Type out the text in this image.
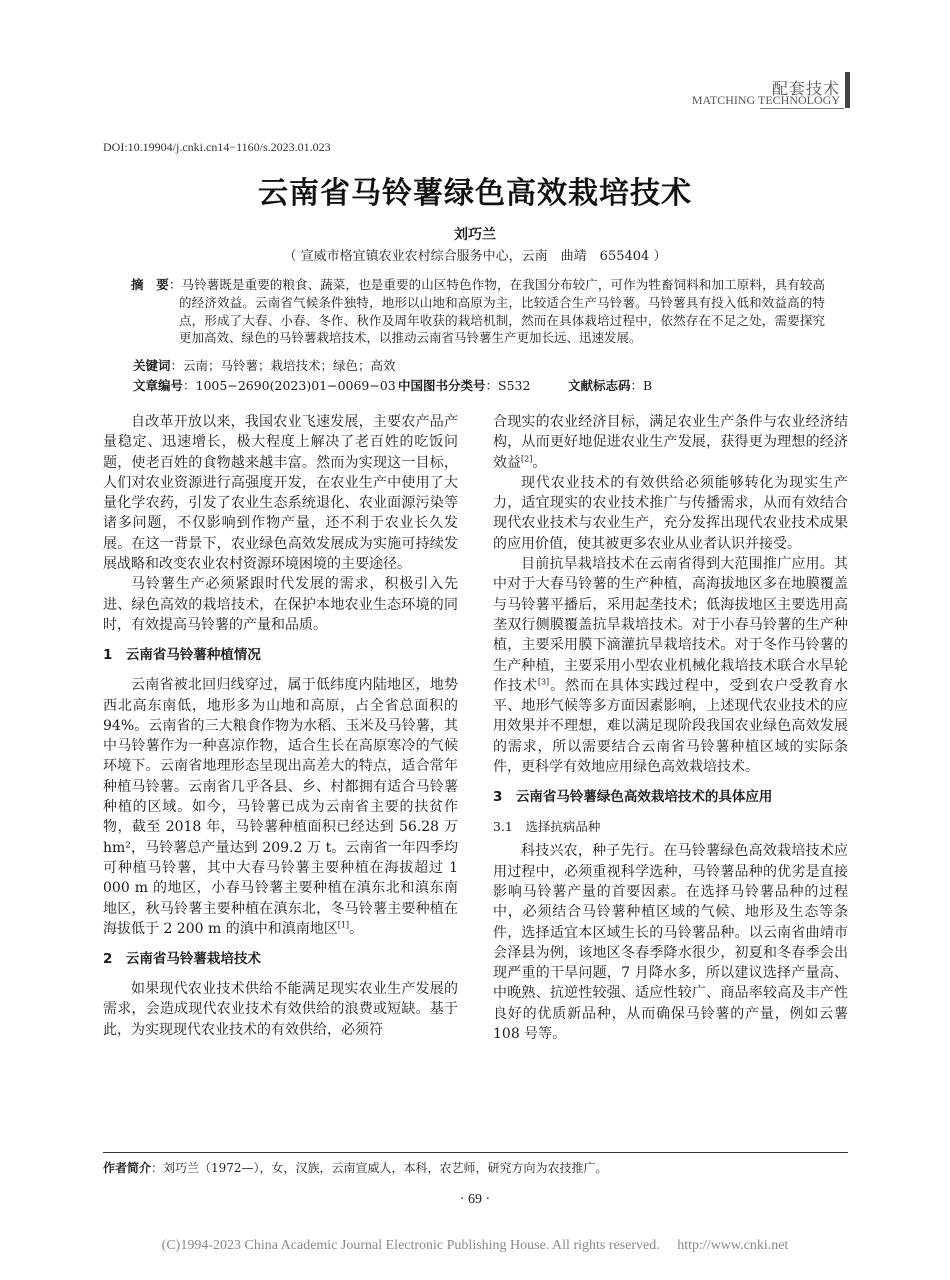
配套技术
MATCHING TECHNOLOGY
DOI:10.19904/j.cnki.cn14−1160/s.2023.01.023
云南省马铃薯绿色高效栽培技术
刘巧兰
（ 宣威市格宜镇农业农村综合服务中心，云南　曲靖　655404 ）
摘　要：马铃薯既是重要的粮食、蔬菜，也是重要的山区特色作物，在我国分布较广，可作为牲畜饲料和加工原料，具有较高的经济效益。云南省气候条件独特，地形以山地和高原为主，比较适合生产马铃薯。马铃薯具有投入低和效益高的特点，形成了大春、小春、冬作、秋作及周年收获的栽培机制，然而在具体栽培过程中，依然存在不足之处，需要探究更加高效、绿色的马铃薯栽培技术，以推动云南省马铃薯生产更加长远、迅速发展。
关键词：云南；马铃薯；栽培技术；绿色；高效
文章编号：1005−2690(2023)01−0069−03 中国图书分类号：S532	文献标志码：B

自改革开放以来，我国农业飞速发展，主要农产品产量稳定、迅速增长，极大程度上解决了老百姓的吃饭问题，使老百姓的食物越来越丰富。然而为实现这一目标，人们对农业资源进行高强度开发，在农业生产中使用了大量化学农药，引发了农业生态系统退化、农业面源污染等诸多问题，不仅影响到作物产量，还不利于农业长久发展。在这一背景下，农业绿色高效发展成为实施可持续发展战略和改变农业农村资源环境困境的主要途径。

马铃薯生产必须紧跟时代发展的需求，积极引入先进、绿色高效的栽培技术，在保护本地农业生态环境的同时，有效提高马铃薯的产量和品质。

1　云南省马铃薯种植情况

云南省被北回归线穿过，属于低纬度内陆地区，地势西北高东南低，地形多为山地和高原，占全省总面积的 94%。云南省的三大粮食作物为水稻、玉米及马铃薯，其中马铃薯作为一种喜凉作物，适合生长在高原寒冷的气候环境下。云南省地理形态呈现出高差大的特点，适合常年种植马铃薯。云南省几乎各县、乡、村都拥有适合马铃薯种植的区域。如今，马铃薯已成为云南省主要的扶贫作物，截至 2018 年，马铃薯种植面积已经达到 56.28 万 hm²，马铃薯总产量达到 209.2 万 t。云南省一年四季均可种植马铃薯，其中大春马铃薯主要种植在海拔超过 1 000 m 的地区，小春马铃薯主要种植在滇东北和滇东南地区，秋马铃薯主要种植在滇东北，冬马铃薯主要种植在海拔低于 2 200 m 的滇中和滇南地区[1]。

2　云南省马铃薯栽培技术

如果现代农业技术供给不能满足现实农业生产发展的需求，会造成现代农业技术有效供给的浪费或短缺。基于此，为实现现代农业技术的有效供给，必须符

合现实的农业经济目标，满足农业生产条件与农业经济结构，从而更好地促进农业生产发展，获得更为理想的经济效益[2]。

现代农业技术的有效供给必须能够转化为现实生产力，适宜现实的农业技术推广与传播需求，从而有效结合现代农业技术与农业生产，充分发挥出现代农业技术成果的应用价值，使其被更多农业从业者认识并接受。

目前抗旱栽培技术在云南省得到大范围推广应用。其中对于大春马铃薯的生产种植，高海拔地区多在地膜覆盖与马铃薯平播后，采用起垄技术；低海拔地区主要选用高垄双行侧膜覆盖抗旱栽培技术。对于小春马铃薯的生产种植，主要采用膜下滴灌抗旱栽培技术。对于冬作马铃薯的生产种植，主要采用小型农业机械化栽培技术联合水旱轮作技术[3]。然而在具体实践过程中，受到农户受教育水平、地形气候等多方面因素影响，上述现代农业技术的应用效果并不理想，难以满足现阶段我国农业绿色高效发展的需求，所以需要结合云南省马铃薯种植区域的实际条件，更科学有效地应用绿色高效栽培技术。

3　云南省马铃薯绿色高效栽培技术的具体应用
3.1　选择抗病品种

科技兴农，种子先行。在马铃薯绿色高效栽培技术应用过程中，必须重视科学选种，马铃薯品种的优劣是直接影响马铃薯产量的首要因素。在选择马铃薯品种的过程中，必须结合马铃薯种植区域的气候、地形及生态等条件，选择适宜本区域生长的马铃薯品种。以云南省曲靖市会泽县为例，该地区冬春季降水很少，初夏和冬春季会出现严重的干旱问题，7 月降水多，所以建议选择产量高、中晚熟、抗逆性较强、适应性较广、商品率较高及丰产性良好的优质新品种，从而确保马铃薯的产量，例如云薯 108 号等。

作者简介：刘巧兰（1972—），女，汉族，云南宣威人，本科，农艺师，研究方向为农技推广。
· 69 ·
(C)1994-2023 China Academic Journal Electronic Publishing House. All rights reserved.　 http://www.cnki.net
